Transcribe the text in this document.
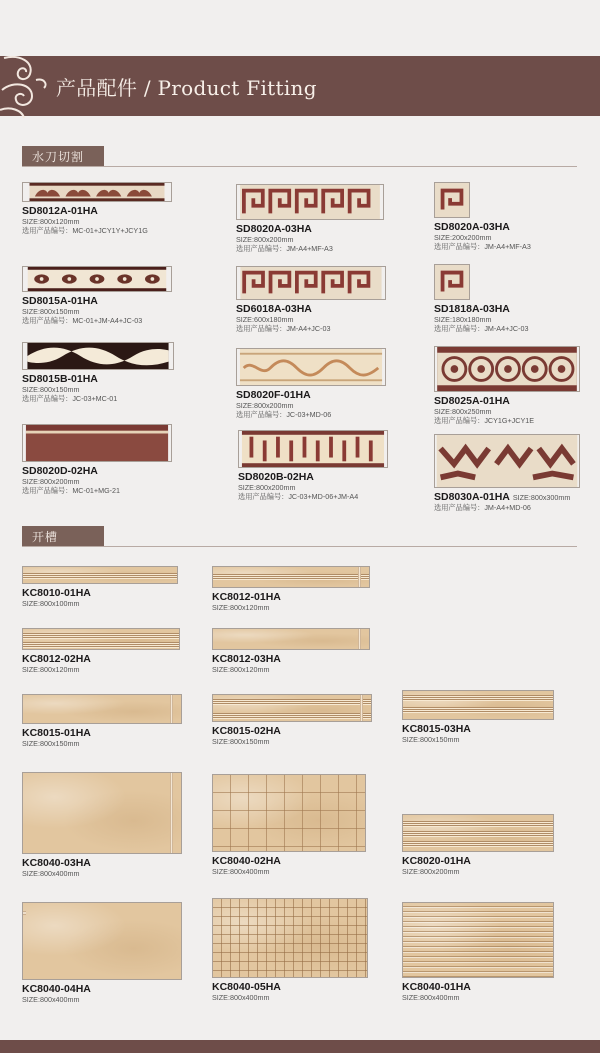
产品配件 / Product Fitting
水刀切割
SD8012A-01HA
SIZE:800x120mm
选用产品编号：MC-01+JCY1Y+JCY1G
SD8015A-01HA
SIZE:800x150mm
选用产品编号：MC-01+JM-A4+JC-03
SD8015B-01HA
SIZE:800x150mm
选用产品编号：JC-03+MC-01
SD8020D-02HA
SIZE:800x200mm
选用产品编号：MC-01+MG-21
SD8020A-03HA
SIZE:800x200mm
选用产品编号：JM-A4+MF-A3
SD6018A-03HA
SIZE:600x180mm
选用产品编号：JM-A4+JC-03
SD8020F-01HA
SIZE:800x200mm
选用产品编号：JC-03+MD-06
SD8020B-02HA
SIZE:800x200mm
选用产品编号：JC-03+MD-06+JM-A4
SD8020A-03HA
SIZE:200x200mm
选用产品编号：JM-A4+MF-A3
SD1818A-03HA
SIZE:180x180mm
选用产品编号：JM-A4+JC-03
SD8025A-01HA
SIZE:800x250mm
选用产品编号：JCY1G+JCY1E
SD8030A-01HA SIZE:800x300mm
选用产品编号：JM-A4+MD-06
开槽
KC8010-01HA
SIZE:800x100mm
KC8012-02HA
SIZE:800x120mm
KC8015-01HA
SIZE:800x150mm
KC8040-03HA
SIZE:800x400mm
KC8040-04HA
SIZE:800x400mm
KC8012-01HA
SIZE:800x120mm
KC8012-03HA
SIZE:800x120mm
KC8015-02HA
SIZE:800x150mm
KC8040-02HA
SIZE:800x400mm
KC8040-05HA
SIZE:800x400mm
KC8015-03HA
SIZE:800x150mm
KC8020-01HA
SIZE:800x200mm
KC8040-01HA
SIZE:800x400mm
